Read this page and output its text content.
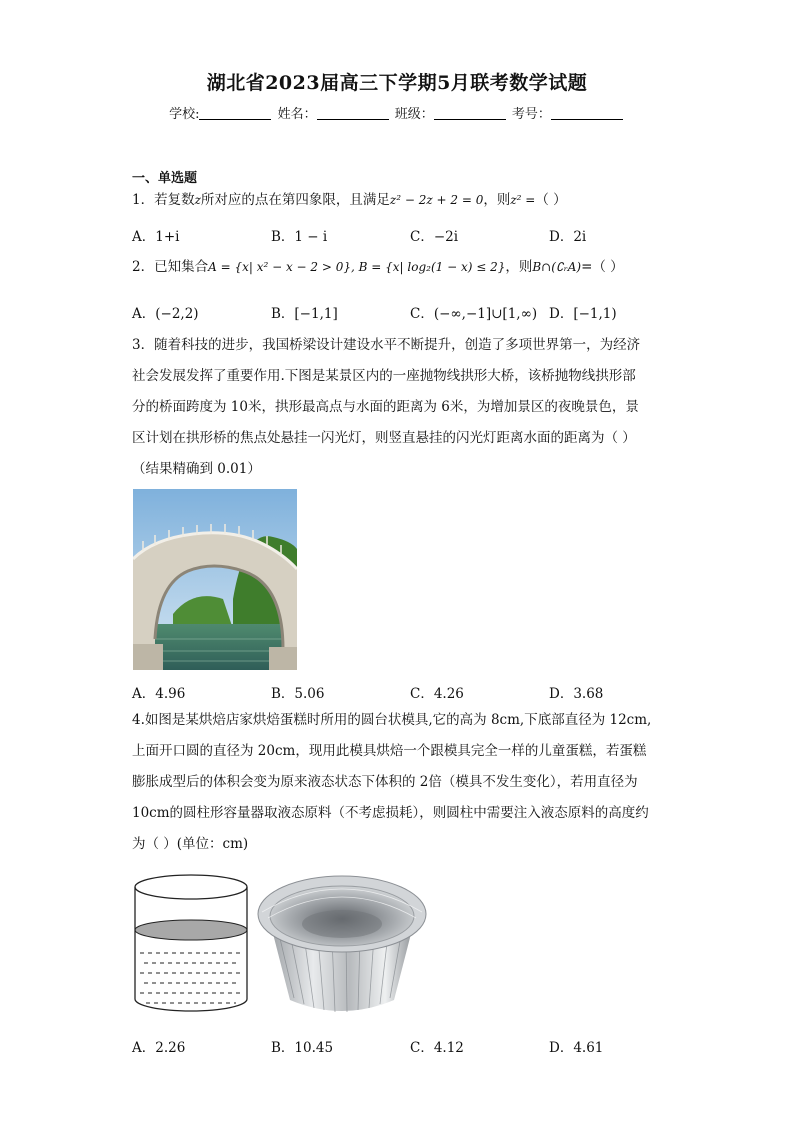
湖北省2023届高三下学期5月联考数学试题
学校:	姓名：	班级：	考号：
一、单选题
1．若复数z所对应的点在第四象限，且满足z² − 2z + 2 = 0，则z² =（ ）
A．1+i	B．1 − i	C．−2i	D．2i
2．已知集合A = {x| x² − x − 2 > 0}, B = {x| log₂(1 − x) ≤ 2}，则B∩(∁ᵣA)=（ ）
A．(−2,2)	B．[−1,1]	C．(−∞,−1]∪[1,∞) D．[−1,1)
3．随着科技的进步，我国桥梁设计建设水平不断提升，创造了多项世界第一，为经济
社会发展发挥了重要作用.下图是某景区内的一座抛物线拱形大桥，该桥抛物线拱形部
分的桥面跨度为 10米，拱形最高点与水面的距离为 6米，为增加景区的夜晚景色，景
区计划在拱形桥的焦点处悬挂一闪光灯，则竖直悬挂的闪光灯距离水面的距离为（ ）
（结果精确到 0.01）
A．4.96	B．5.06	C．4.26	D．3.68
4.如图是某烘焙店家烘焙蛋糕时所用的圆台状模具,它的高为 8cm,下底部直径为 12cm,
上面开口圆的直径为 20cm，现用此模具烘焙一个跟模具完全一样的儿童蛋糕，若蛋糕
膨胀成型后的体积会变为原来液态状态下体积的 2倍（模具不发生变化），若用直径为
10cm的圆柱形容量器取液态原料（不考虑损耗），则圆柱中需要注入液态原料的高度约
为（ ）(单位：cm)
A．2.26	B．10.45	C．4.12	D．4.61
